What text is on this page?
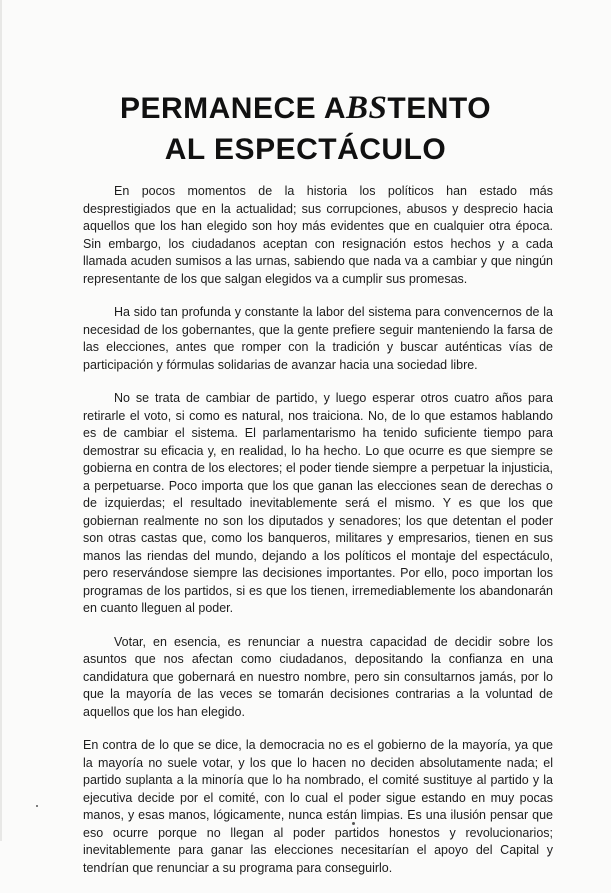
PERMANECE ABSTENTO
AL ESPECTÁCULO

En pocos momentos de la historia los políticos han estado más desprestigiados que en la actualidad; sus corrupciones, abusos y desprecio hacia aquellos que los han elegido son hoy más evidentes que en cualquier otra época. Sin embargo, los ciudadanos aceptan con resignación estos hechos y a cada llamada acuden sumisos a las urnas, sabiendo que nada va a cambiar y que ningún representante de los que salgan elegidos va a cumplir sus promesas.

Ha sido tan profunda y constante la labor del sistema para convencernos de la necesidad de los gobernantes, que la gente prefiere seguir manteniendo la farsa de las elecciones, antes que romper con la tradición y buscar auténticas vías de participación y fórmulas solidarias de avanzar hacia una sociedad libre.

No se trata de cambiar de partido, y luego esperar otros cuatro años para retirarle el voto, si como es natural, nos traiciona. No, de lo que estamos hablando es de cambiar el sistema. El parlamentarismo ha tenido suficiente tiempo para demostrar su eficacia y, en realidad, lo ha hecho. Lo que ocurre es que siempre se gobierna en contra de los electores; el poder tiende siempre a perpetuar la injusticia, a perpetuarse. Poco importa que los que ganan las elecciones sean de derechas o de izquierdas; el resultado inevitablemente será el mismo. Y es que los que gobiernan realmente no son los diputados y senadores; los que detentan el poder son otras castas que, como los banqueros, militares y empresarios, tienen en sus manos las riendas del mundo, dejando a los políticos el montaje del espectáculo, pero reservándose siempre las decisiones importantes. Por ello, poco importan los programas de los partidos, si es que los tienen, irremediablemente los abandonarán en cuanto lleguen al poder.

Votar, en esencia, es renunciar a nuestra capacidad de decidir sobre los asuntos que nos afectan como ciudadanos, depositando la confianza en una candidatura que gobernará en nuestro nombre, pero sin consultarnos jamás, por lo que la mayoría de las veces se tomarán decisiones contrarias a la voluntad de aquellos que los han elegido.

En contra de lo que se dice, la democracia no es el gobierno de la mayoría, ya que la mayoría no suele votar, y los que lo hacen no deciden absolutamente nada; el partido suplanta a la minoría que lo ha nombrado, el comité sustituye al partido y la ejecutiva decide por el comité, con lo cual el poder sigue estando en muy pocas manos, y esas manos, lógicamente, nunca están limpias. Es una ilusión pensar que eso ocurre porque no llegan al poder partidos honestos y revolucionarios; inevitablemente para ganar las elecciones necesitarían el apoyo del Capital y tendrían que renunciar a su programa para conseguirlo.
